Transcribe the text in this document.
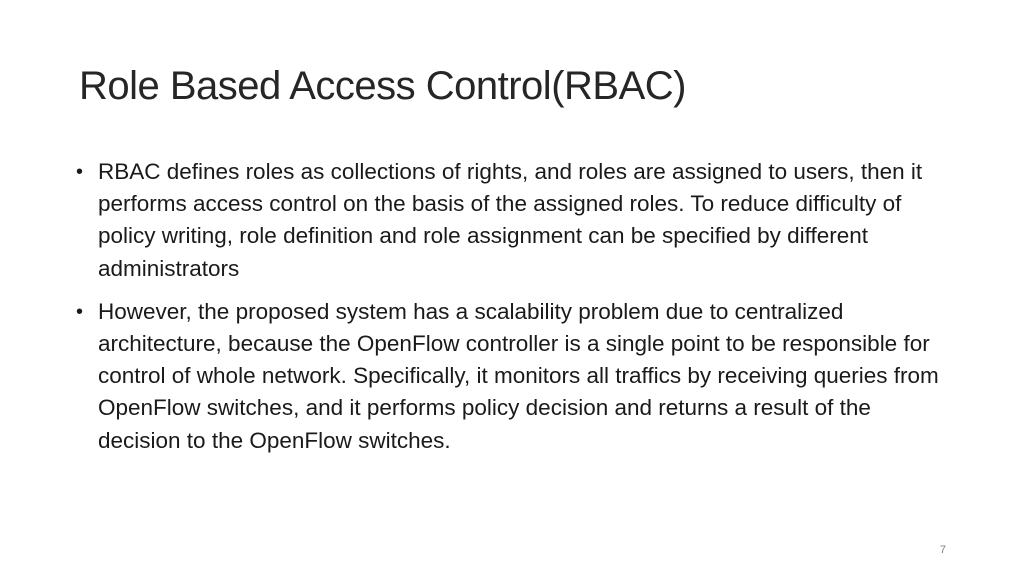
Role Based Access Control(RBAC)
• RBAC defines roles as collections of rights, and roles are assigned to users, then it performs access control on the basis of the assigned roles. To reduce difficulty of policy writing, role definition and role assignment can be specified by different administrators
• However, the proposed system has a scalability problem due to centralized architecture, because the OpenFlow controller is a single point to be responsible for control of whole network. Specifically, it monitors all traffics by receiving queries from OpenFlow switches, and it performs policy decision and returns a result of the decision to the OpenFlow switches.
7
